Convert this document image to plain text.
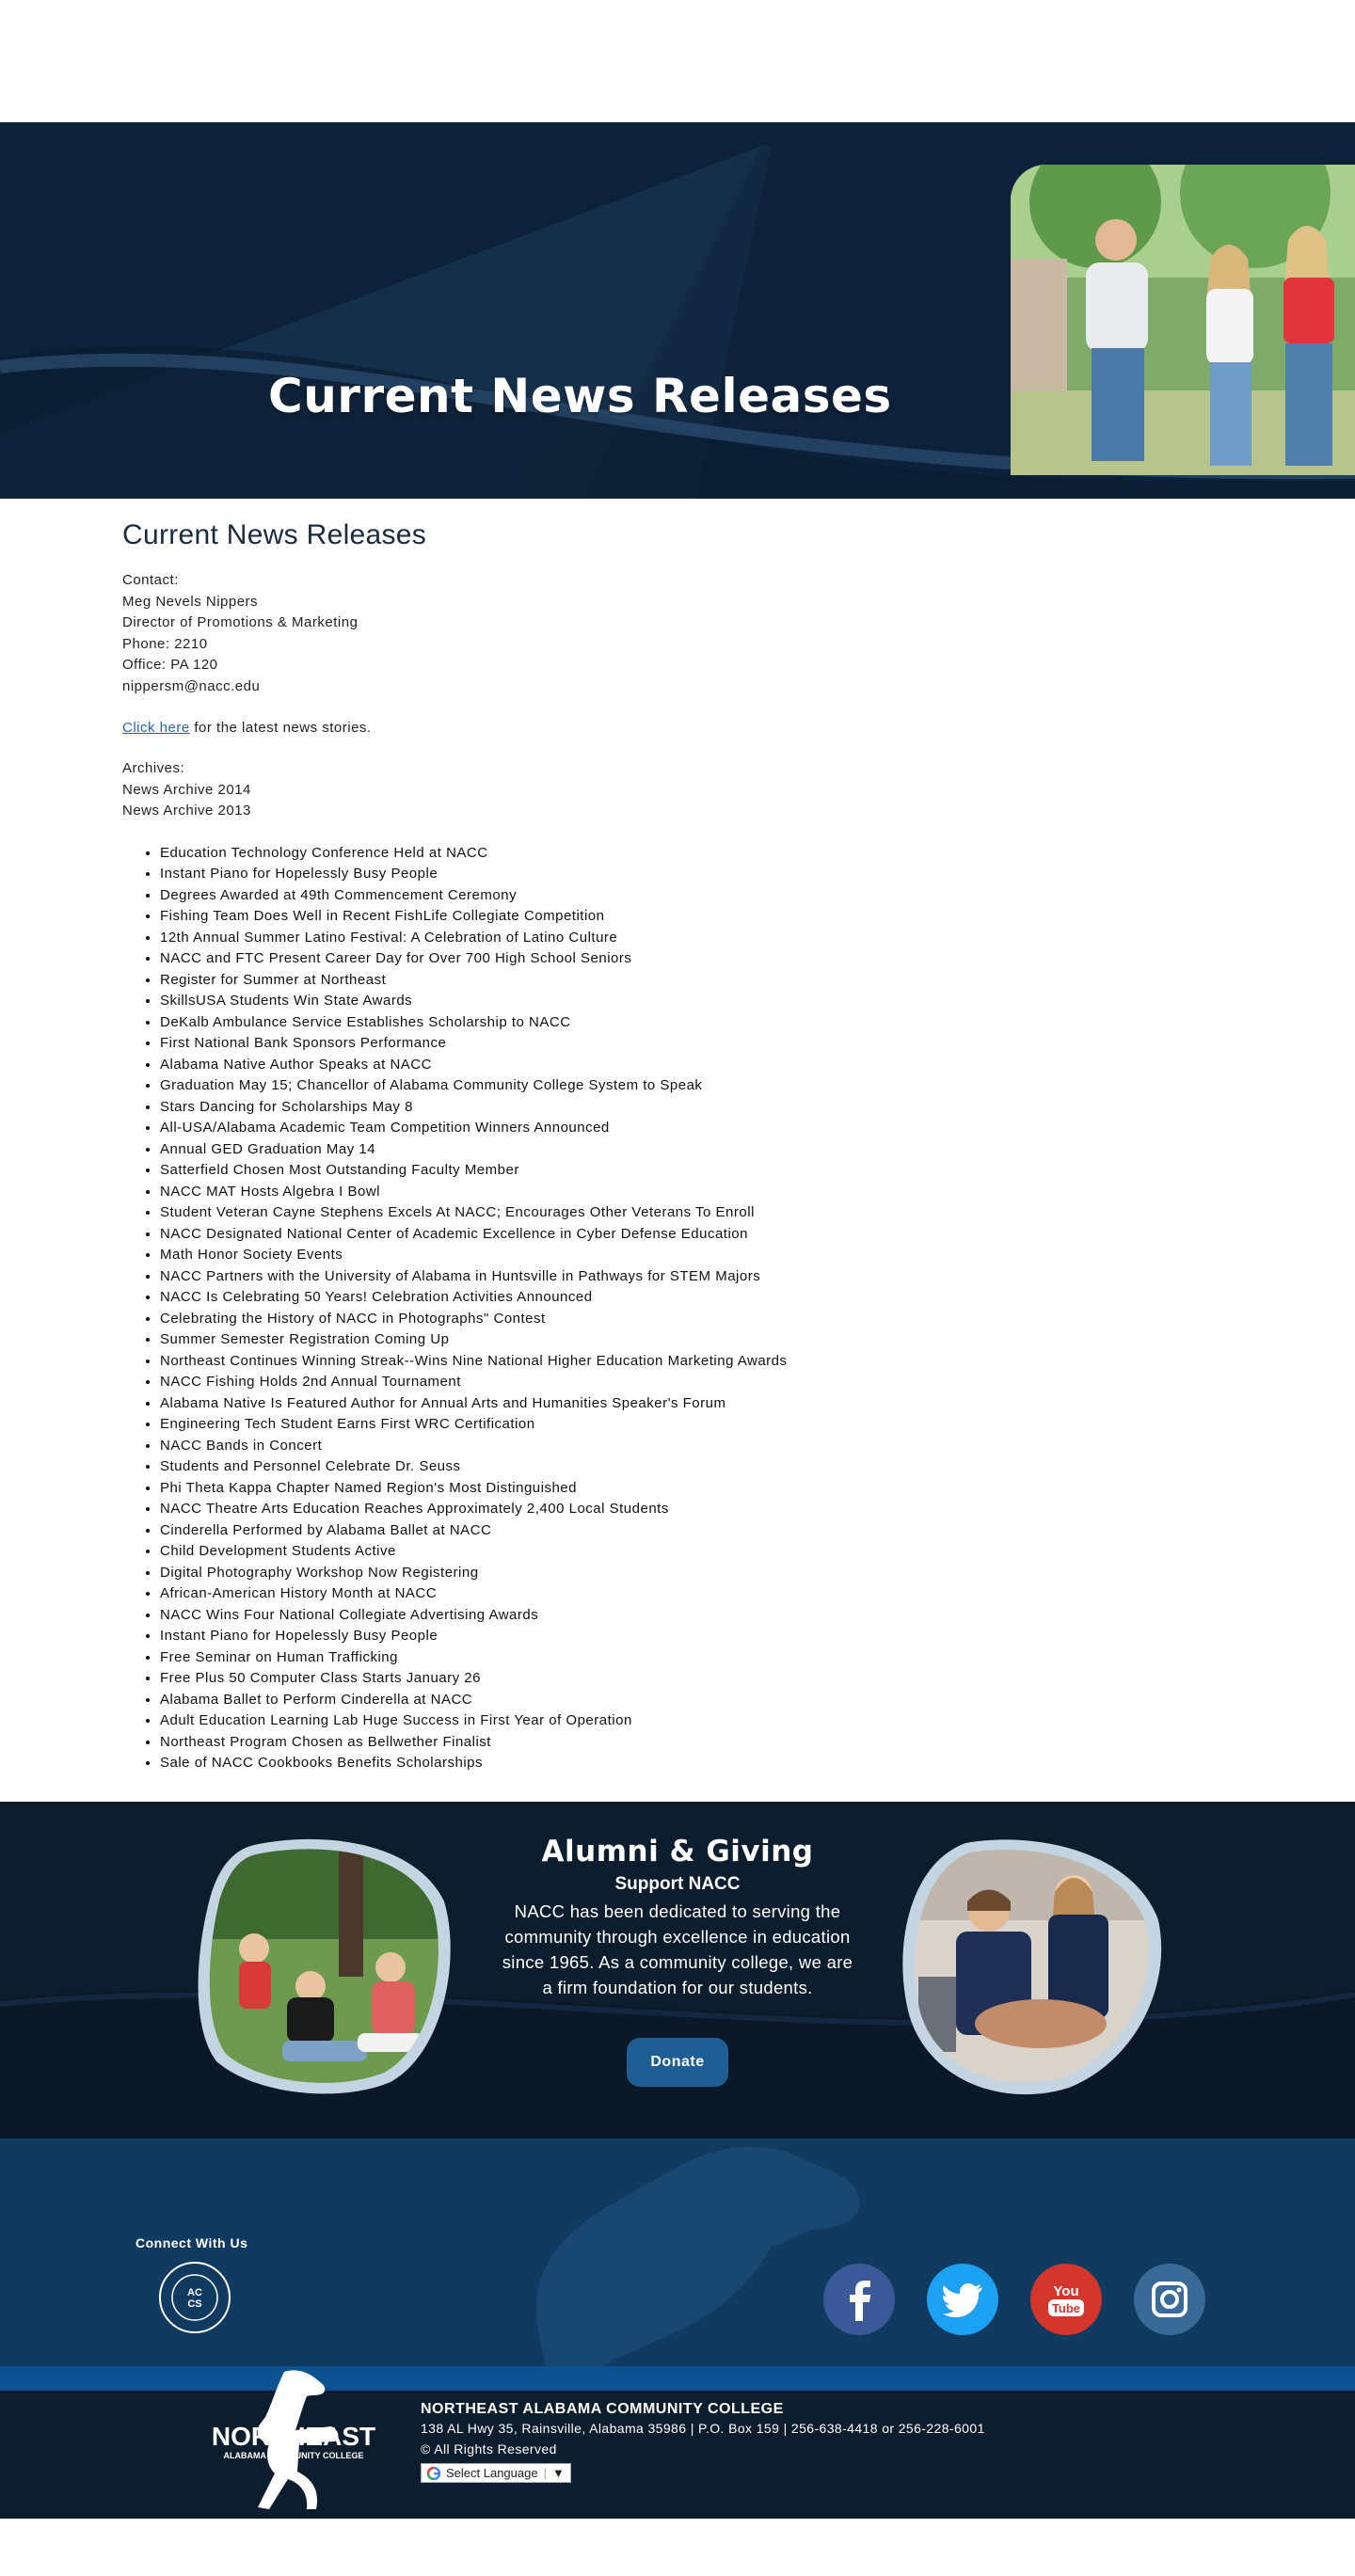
Current News Releases
Current News Releases

Contact:

Meg Nevels Nippers

Director of Promotions & Marketing

Phone: 2210

Office: PA 120

nippersm@nacc.edu

Click here for the latest news stories.

Archives:

News Archive 2014

News Archive 2013

• Education Technology Conference Held at NACC
• Instant Piano for Hopelessly Busy People
• Degrees Awarded at 49th Commencement Ceremony
• Fishing Team Does Well in Recent FishLife Collegiate Competition
• 12th Annual Summer Latino Festival: A Celebration of Latino Culture
• NACC and FTC Present Career Day for Over 700 High School Seniors
• Register for Summer at Northeast
• SkillsUSA Students Win State Awards
• DeKalb Ambulance Service Establishes Scholarship to NACC
• First National Bank Sponsors Performance
• Alabama Native Author Speaks at NACC
• Graduation May 15; Chancellor of Alabama Community College System to Speak
• Stars Dancing for Scholarships May 8
• All-USA/Alabama Academic Team Competition Winners Announced
• Annual GED Graduation May 14
• Satterfield Chosen Most Outstanding Faculty Member
• NACC MAT Hosts Algebra I Bowl
• Student Veteran Cayne Stephens Excels At NACC; Encourages Other Veterans To Enroll
• NACC Designated National Center of Academic Excellence in Cyber Defense Education
• Math Honor Society Events
• NACC Partners with the University of Alabama in Huntsville in Pathways for STEM Majors
• NACC Is Celebrating 50 Years! Celebration Activities Announced
• Celebrating the History of NACC in Photographs" Contest
• Summer Semester Registration Coming Up
• Northeast Continues Winning Streak--Wins Nine National Higher Education Marketing Awards
• NACC Fishing Holds 2nd Annual Tournament
• Alabama Native Is Featured Author for Annual Arts and Humanities Speaker's Forum
• Engineering Tech Student Earns First WRC Certification
• NACC Bands in Concert
• Students and Personnel Celebrate Dr. Seuss
• Phi Theta Kappa Chapter Named Region's Most Distinguished
• NACC Theatre Arts Education Reaches Approximately 2,400 Local Students
• Cinderella Performed by Alabama Ballet at NACC
• Child Development Students Active
• Digital Photography Workshop Now Registering
• African-American History Month at NACC
• NACC Wins Four National Collegiate Advertising Awards
• Instant Piano for Hopelessly Busy People
• Free Seminar on Human Trafficking
• Free Plus 50 Computer Class Starts January 26
• Alabama Ballet to Perform Cinderella at NACC
• Adult Education Learning Lab Huge Success in First Year of Operation
• Northeast Program Chosen as Bellwether Finalist
• Sale of NACC Cookbooks Benefits Scholarships
Alumni & Giving

Support NACC

NACC has been dedicated to serving the community through excellence in education since 1965. As a community college, we are a firm foundation for our students.

Donate

Connect With Us

AC
CS
You
Tube
NORTHEAST
ALABAMA COMMUNITY COLLEGE

NORTHEAST ALABAMA COMMUNITY COLLEGE

138 AL Hwy 35, Rainsville, Alabama 35986 | P.O. Box 159 | 256-638-4418 or 256-228-6001

© All Rights Reserved

Select Language | ▼
